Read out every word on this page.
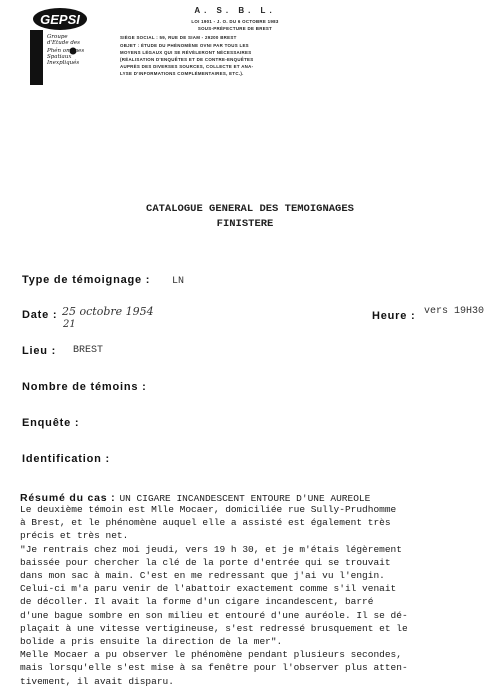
GEPSI
Groupe
d'Etude des
Phén omènes
Spatiaux
Inexpliqués
A. S. B. L.
LOI 1901 - J. O. DU 6 OCTOBRE 1983
SOUS-PRÉFECTURE DE BREST
SIÈGE SOCIAL : 59, RUE DE SIAM - 29200 BREST
OBJET : ÉTUDE DU PHÉNOMÈNE OVNI PAR TOUS LES
MOYENS LÉGAUX QUI SE RÉVÈLERONT NÉCESSAIRES
(RÉALISATION D'ENQUÊTES ET DE CONTRE-ENQUÊTES
AUPRÈS DES DIVERSES SOURCES, COLLECTE ET ANA-
LYSE D'INFORMATIONS COMPLÉMENTAIRES, ETC.).
CATALOGUE GENERAL DES TEMOIGNAGES
FINISTERE
Type de témoignage : LN
Date : 25 octobre 1954
21
Heure : vers 19H30
Lieu : BREST
Nombre de témoins :
Enquête :
Identification :
Résumé du cas : UN CIGARE INCANDESCENT ENTOURE D'UNE AUREOLE

Le deuxième témoin est Mlle Mocaer, domiciliée rue Sully-Prudhomme

à Brest, et le phénomène auquel elle a assisté est également très

précis et très net.

"Je rentrais chez moi jeudi, vers 19 h 30, et je m'étais légèrement

baissée pour chercher la clé de la porte d'entrée qui se trouvait

dans mon sac à main. C'est en me redressant que j'ai vu l'engin.

Celui-ci m'a paru venir de l'abattoir exactement comme s'il venait

de décoller. Il avait la forme d'un cigare incandescent, barré

d'une bague sombre en son milieu et entouré d'une auréole. Il se dé-

plaçait à une vitesse vertigineuse, s'est redressé brusquement et le

bolide a pris ensuite la direction de la mer".

Melle Mocaer a pu observer le phénomène pendant plusieurs secondes,

mais lorsqu'elle s'est mise à sa fenêtre pour l'observer plus atten-

tivement, il avait disparu.
